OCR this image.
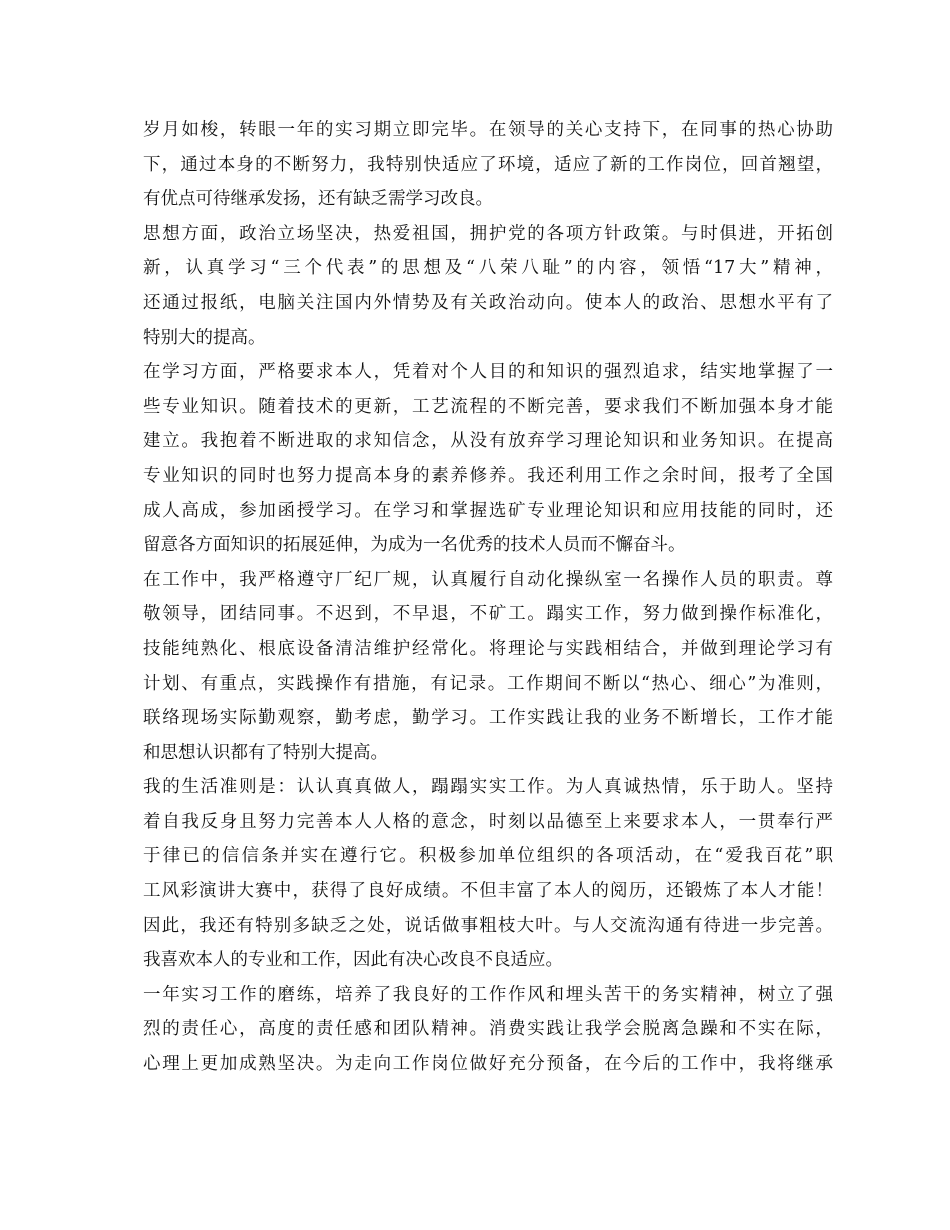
岁月如梭，转眼一年的实习期立即完毕。在领导的关心支持下，在同事的热心协助
下，通过本身的不断努力，我特别快适应了环境，适应了新的工作岗位，回首翘望，
有优点可待继承发扬，还有缺乏需学习改良。
思想方面，政治立场坚决，热爱祖国，拥护党的各项方针政策。与时俱进，开拓创
新，认真学习“三个代表”的思想及“八荣八耻”的内容，领悟“17大”精神，
还通过报纸，电脑关注国内外情势及有关政治动向。使本人的政治、思想水平有了
特别大的提高。
在学习方面，严格要求本人，凭着对个人目的和知识的强烈追求，结实地掌握了一
些专业知识。随着技术的更新，工艺流程的不断完善，要求我们不断加强本身才能
建立。我抱着不断进取的求知信念，从没有放弃学习理论知识和业务知识。在提高
专业知识的同时也努力提高本身的素养修养。我还利用工作之余时间，报考了全国
成人高成，参加函授学习。在学习和掌握选矿专业理论知识和应用技能的同时，还
留意各方面知识的拓展延伸，为成为一名优秀的技术人员而不懈奋斗。
在工作中，我严格遵守厂纪厂规，认真履行自动化操纵室一名操作人员的职责。尊
敬领导，团结同事。不迟到，不早退，不矿工。蹋实工作，努力做到操作标准化，
技能纯熟化、根底设备清洁维护经常化。将理论与实践相结合，并做到理论学习有
计划、有重点，实践操作有措施，有记录。工作期间不断以“热心、细心”为准则，
联络现场实际勤观察，勤考虑，勤学习。工作实践让我的业务不断增长，工作才能
和思想认识都有了特别大提高。
我的生活准则是：认认真真做人，蹋蹋实实工作。为人真诚热情，乐于助人。坚持
着自我反身且努力完善本人人格的意念，时刻以品德至上来要求本人，一贯奉行严
于律已的信信条并实在遵行它。积极参加单位组织的各项活动，在“爱我百花”职
工风彩演讲大赛中，获得了良好成绩。不但丰富了本人的阅历，还锻炼了本人才能！
因此，我还有特别多缺乏之处，说话做事粗枝大叶。与人交流沟通有待进一步完善。
我喜欢本人的专业和工作，因此有决心改良不良适应。
一年实习工作的磨练，培养了我良好的工作作风和埋头苦干的务实精神，树立了强
烈的责任心，高度的责任感和团队精神。消费实践让我学会脱离急躁和不实在际，
心理上更加成熟坚决。为走向工作岗位做好充分预备，在今后的工作中，我将继承
